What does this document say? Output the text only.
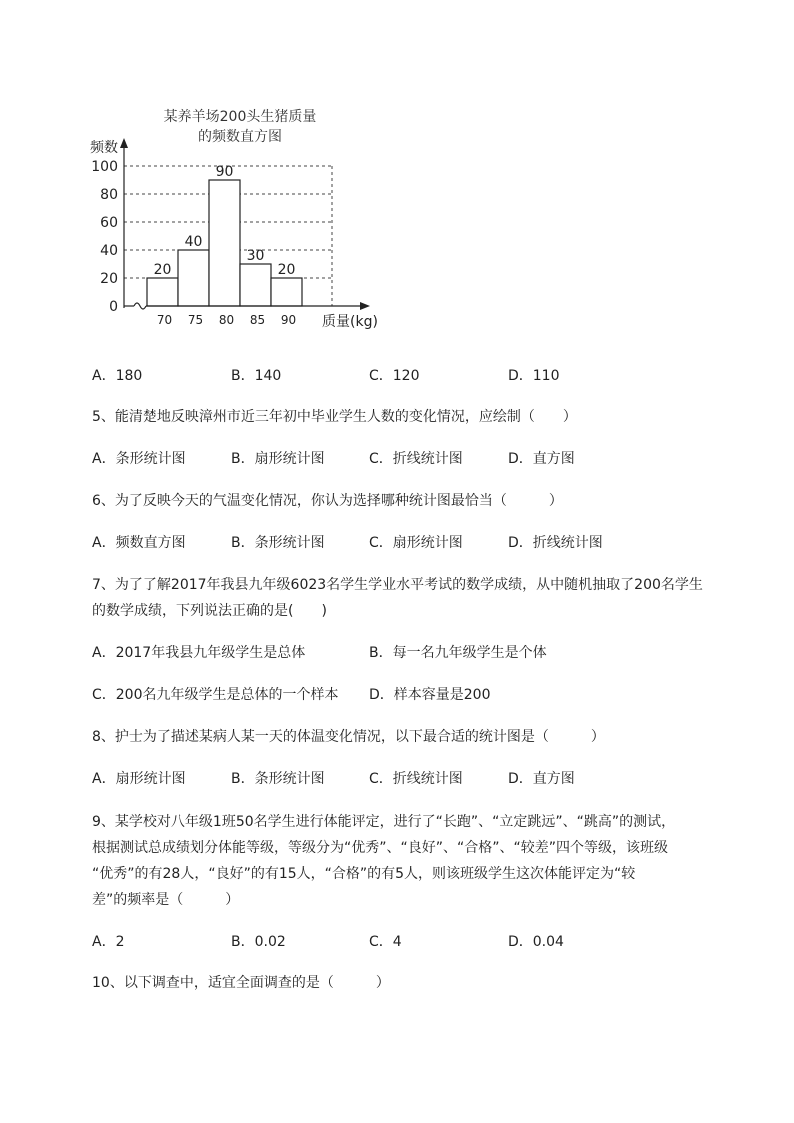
某养羊场200头生猪质量
的频数直方图
0
20
40
60
80
100
70 75 80 85 90
20
40
90
30
20
频数
质量(kg)
A．180	B．140	C．120	D．110
5、能清楚地反映漳州市近三年初中毕业学生人数的变化情况，应绘制（　　）
A．条形统计图	B．扇形统计图	C．折线统计图	D．直方图
6、为了反映今天的气温变化情况，你认为选择哪种统计图最恰当（　　　）
A．频数直方图	B．条形统计图	C．扇形统计图	D．折线统计图
7、为了了解2017年我县九年级6023名学生学业水平考试的数学成绩，从中随机抽取了200名学生
的数学成绩，下列说法正确的是(　　)
A．2017年我县九年级学生是总体	B．每一名九年级学生是个体
C．200名九年级学生是总体的一个样本 D．样本容量是200
8、护士为了描述某病人某一天的体温变化情况，以下最合适的统计图是（　　　）
A．扇形统计图	B．条形统计图	C．折线统计图	D．直方图
9、某学校对八年级1班50名学生进行体能评定，进行了“长跑”、“立定跳远”、“跳高”的测试，
根据测试总成绩划分体能等级，等级分为“优秀”、“良好”、“合格”、“较差”四个等级，该班级
“优秀”的有28人，“良好”的有15人，“合格”的有5人，则该班级学生这次体能评定为“较
差”的频率是（　　　）
A．2	B．0.02	C．4	D．0.04
10、以下调查中，适宜全面调查的是（　　　）
